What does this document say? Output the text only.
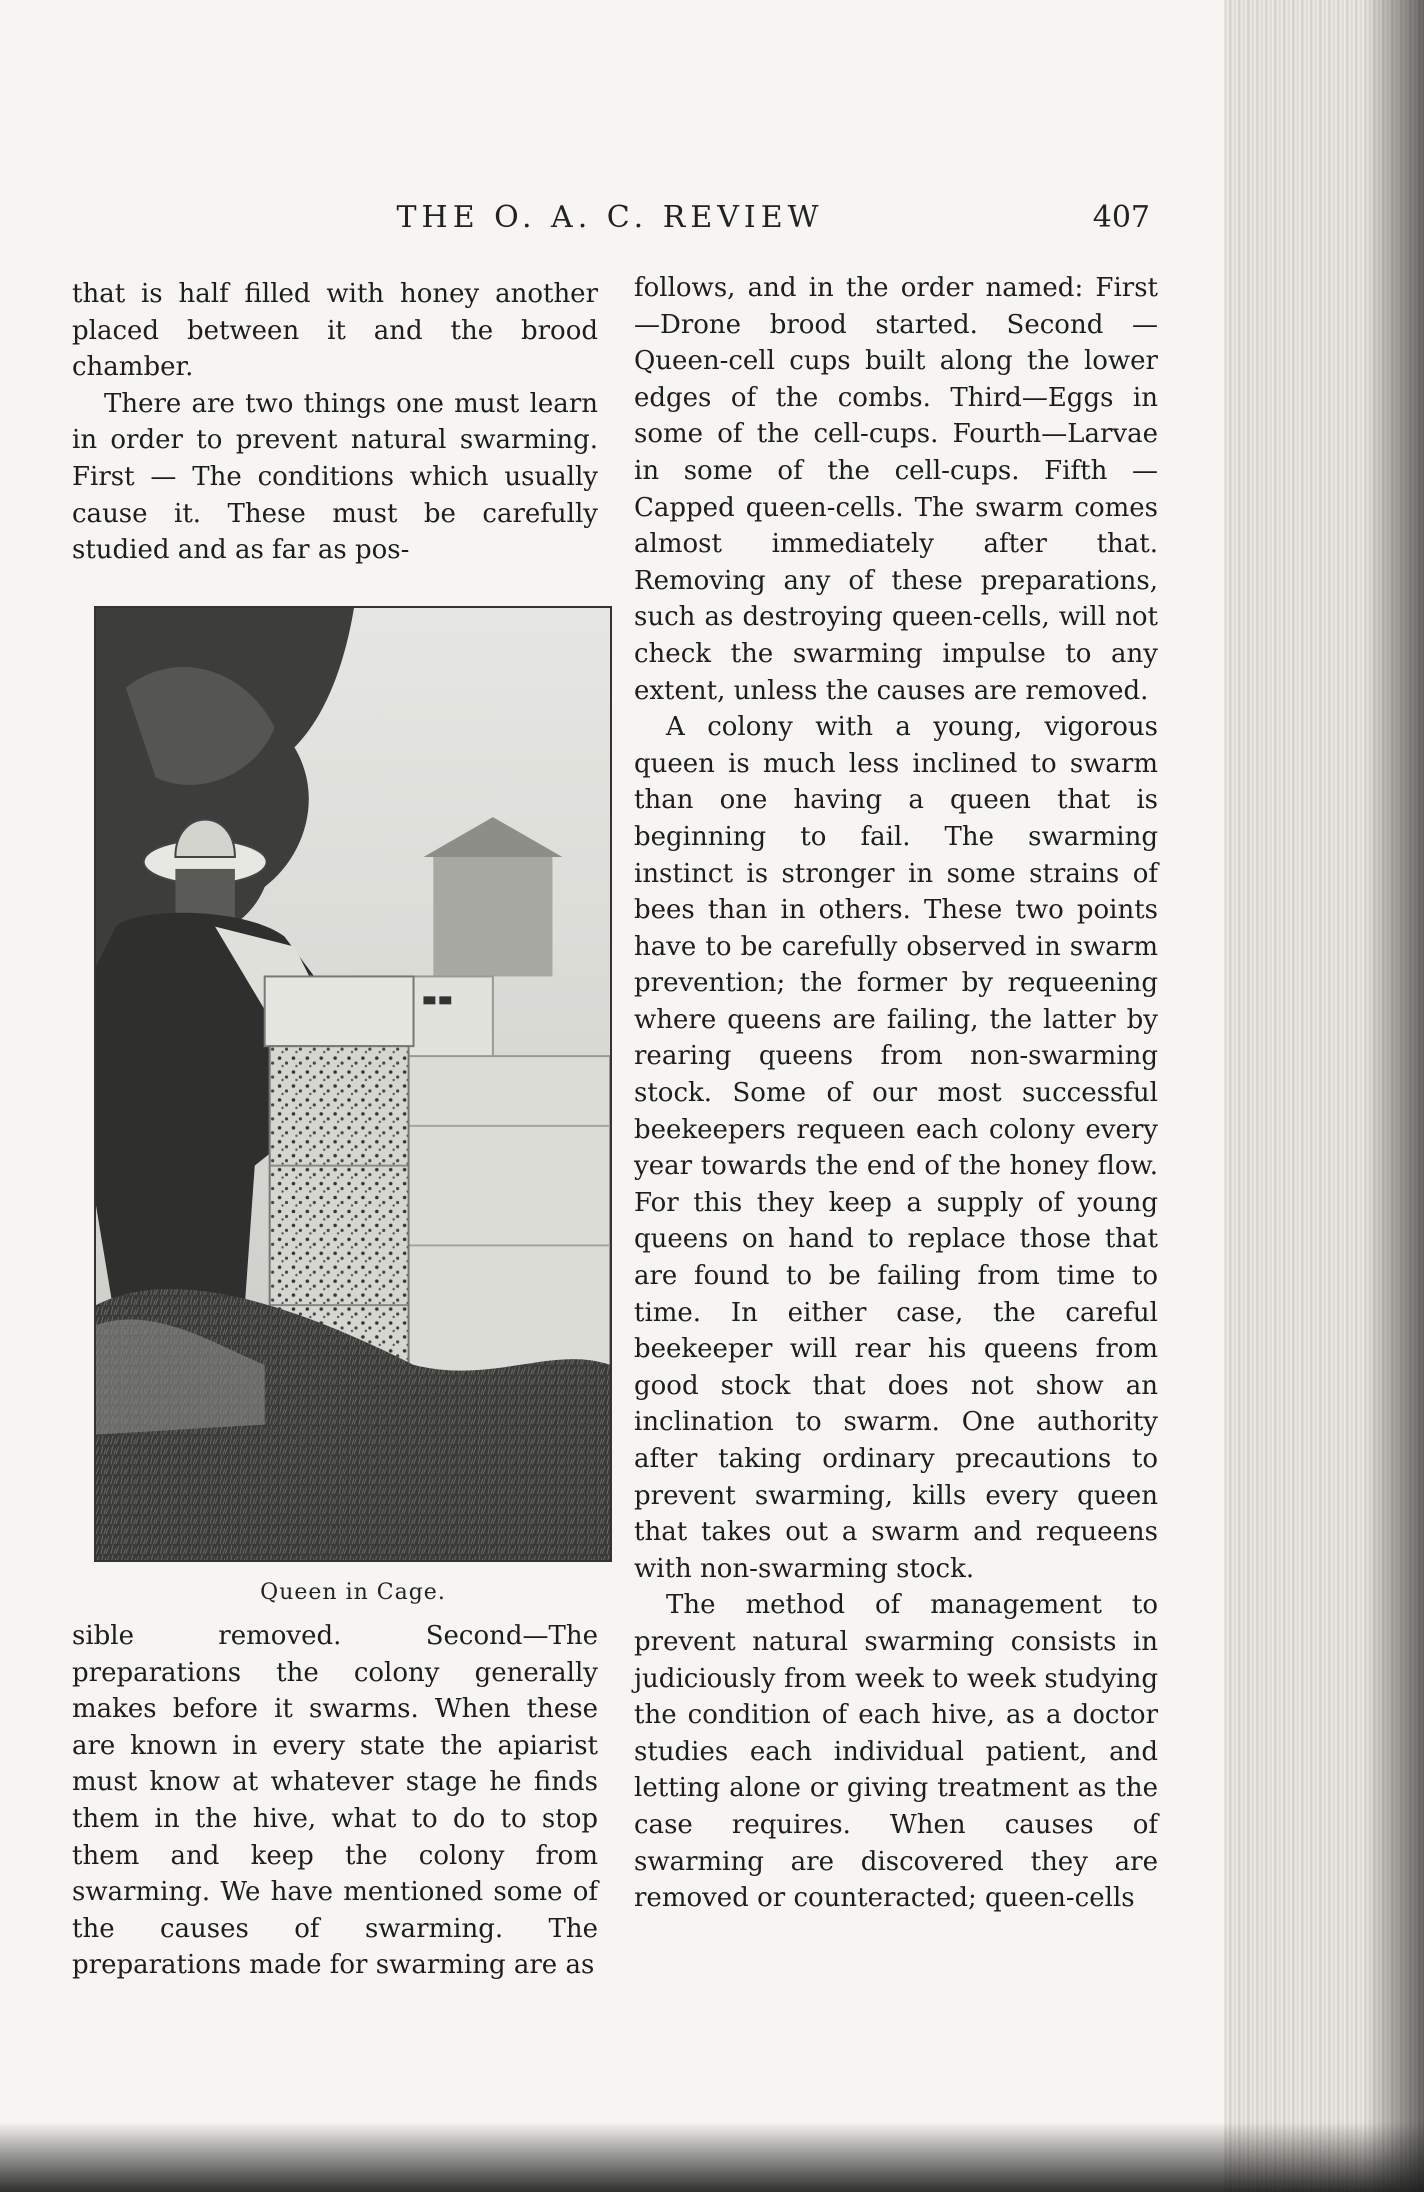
THE O. A. C. REVIEW	407

that is half filled with honey another placed between it and the brood chamber.

There are two things one must learn in order to prevent natural swarming. First — The conditions which usually cause it. These must be carefully studied and as far as pos-

Queen in Cage.

sible removed. Second—The preparations the colony generally makes before it swarms. When these are known in every state the apiarist must know at whatever stage he finds them in the hive, what to do to stop them and keep the colony from swarming. We have mentioned some of the causes of swarming. The preparations made for swarming are as

follows, and in the order named: First—Drone brood started. Second —Queen-cell cups built along the lower edges of the combs. Third—Eggs in some of the cell-cups. Fourth—Larvae in some of the cell-cups. Fifth — Capped queen-cells. The swarm comes almost immediately after that. Removing any of these preparations, such as destroying queen-cells, will not check the swarming impulse to any extent, unless the causes are removed.

A colony with a young, vigorous queen is much less inclined to swarm than one having a queen that is beginning to fail. The swarming instinct is stronger in some strains of bees than in others. These two points have to be carefully observed in swarm prevention; the former by requeening where queens are failing, the latter by rearing queens from non-swarming stock. Some of our most successful beekeepers requeen each colony every year towards the end of the honey flow. For this they keep a supply of young queens on hand to replace those that are found to be failing from time to time. In either case, the careful beekeeper will rear his queens from good stock that does not show an inclination to swarm. One authority after taking ordinary precautions to prevent swarming, kills every queen that takes out a swarm and requeens with non-swarming stock.

The method of management to prevent natural swarming consists in judiciously from week to week studying the condition of each hive, as a doctor studies each individual patient, and letting alone or giving treatment as the case requires. When causes of swarming are discovered they are removed or counteracted; queen-cells
